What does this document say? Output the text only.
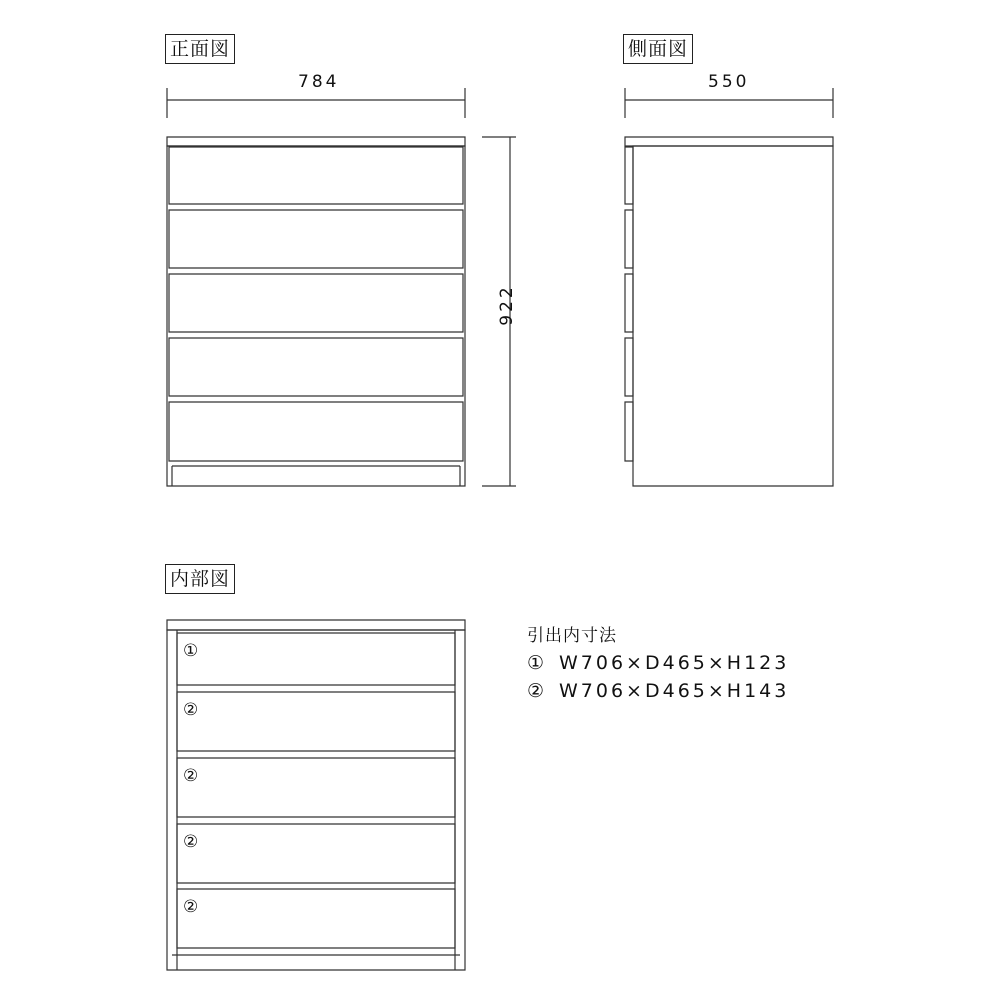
正面図	側面図
内部図
784	550
922
①
②
②
②
②
引出内寸法
① W706×D465×H123
② W706×D465×H143
